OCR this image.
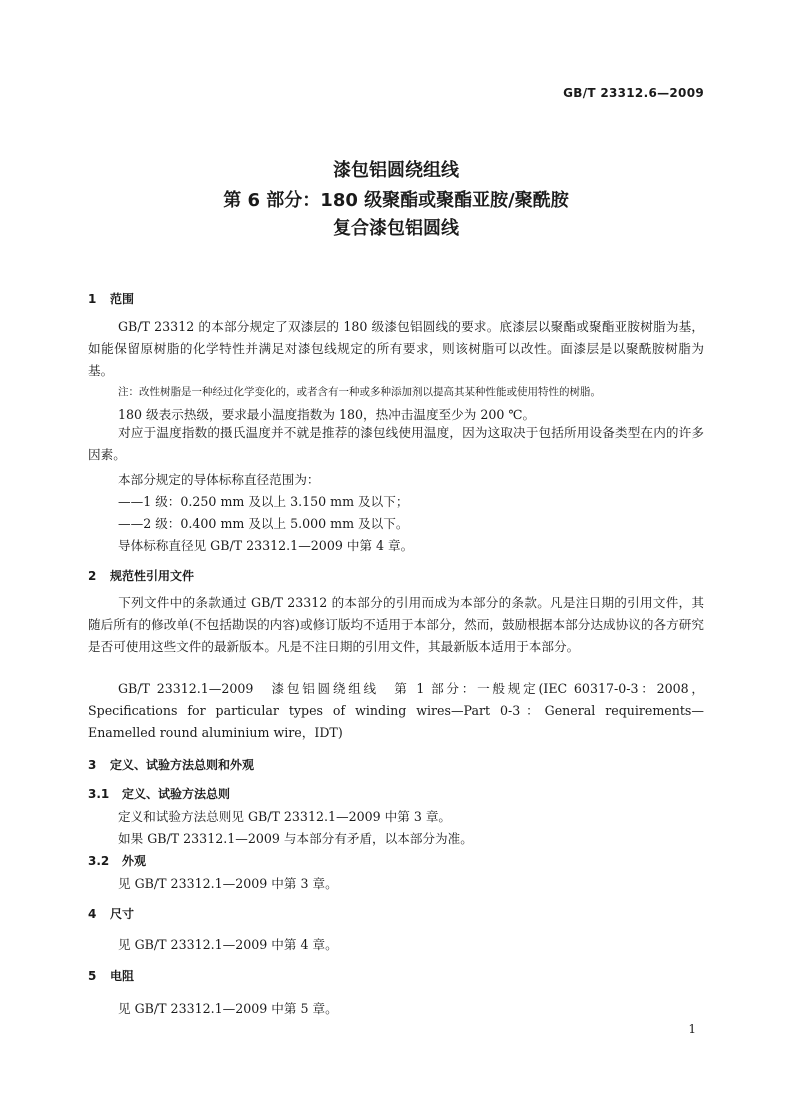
GB/T 23312.6—2009
漆包铝圆绕组线
第 6 部分：180 级聚酯或聚酯亚胺/聚酰胺
复合漆包铝圆线
1 范围
GB/T 23312 的本部分规定了双漆层的 180 级漆包铝圆线的要求。底漆层以聚酯或聚酯亚胺树脂为基，如能保留原树脂的化学特性并满足对漆包线规定的所有要求，则该树脂可以改性。面漆层是以聚酰胺树脂为基。
注：改性树脂是一种经过化学变化的，或者含有一种或多种添加剂以提高其某种性能或使用特性的树脂。
180 级表示热级，要求最小温度指数为 180，热冲击温度至少为 200 ℃。
对应于温度指数的摄氏温度并不就是推荐的漆包线使用温度，因为这取决于包括所用设备类型在内的许多因素。
本部分规定的导体标称直径范围为：
——1 级：0.250 mm 及以上 3.150 mm 及以下；
——2 级：0.400 mm 及以上 5.000 mm 及以下。
导体标称直径见 GB/T 23312.1—2009 中第 4 章。
2 规范性引用文件
下列文件中的条款通过 GB/T 23312 的本部分的引用而成为本部分的条款。凡是注日期的引用文件，其随后所有的修改单(不包括勘误的内容)或修订版均不适用于本部分，然而，鼓励根据本部分达成协议的各方研究是否可使用这些文件的最新版本。凡是不注日期的引用文件，其最新版本适用于本部分。
GB/T 23312.1—2009　漆包铝圆绕组线　第 1 部分：一般规定(IEC 60317-0-3：2008，Specifications for particular types of winding wires—Part 0-3：General requirements—Enamelled round aluminium wire，IDT)
3 定义、试验方法总则和外观
3.1 定义、试验方法总则
定义和试验方法总则见 GB/T 23312.1—2009 中第 3 章。
如果 GB/T 23312.1—2009 与本部分有矛盾，以本部分为准。
3.2 外观
见 GB/T 23312.1—2009 中第 3 章。
4 尺寸
见 GB/T 23312.1—2009 中第 4 章。
5 电阻
见 GB/T 23312.1—2009 中第 5 章。
1
